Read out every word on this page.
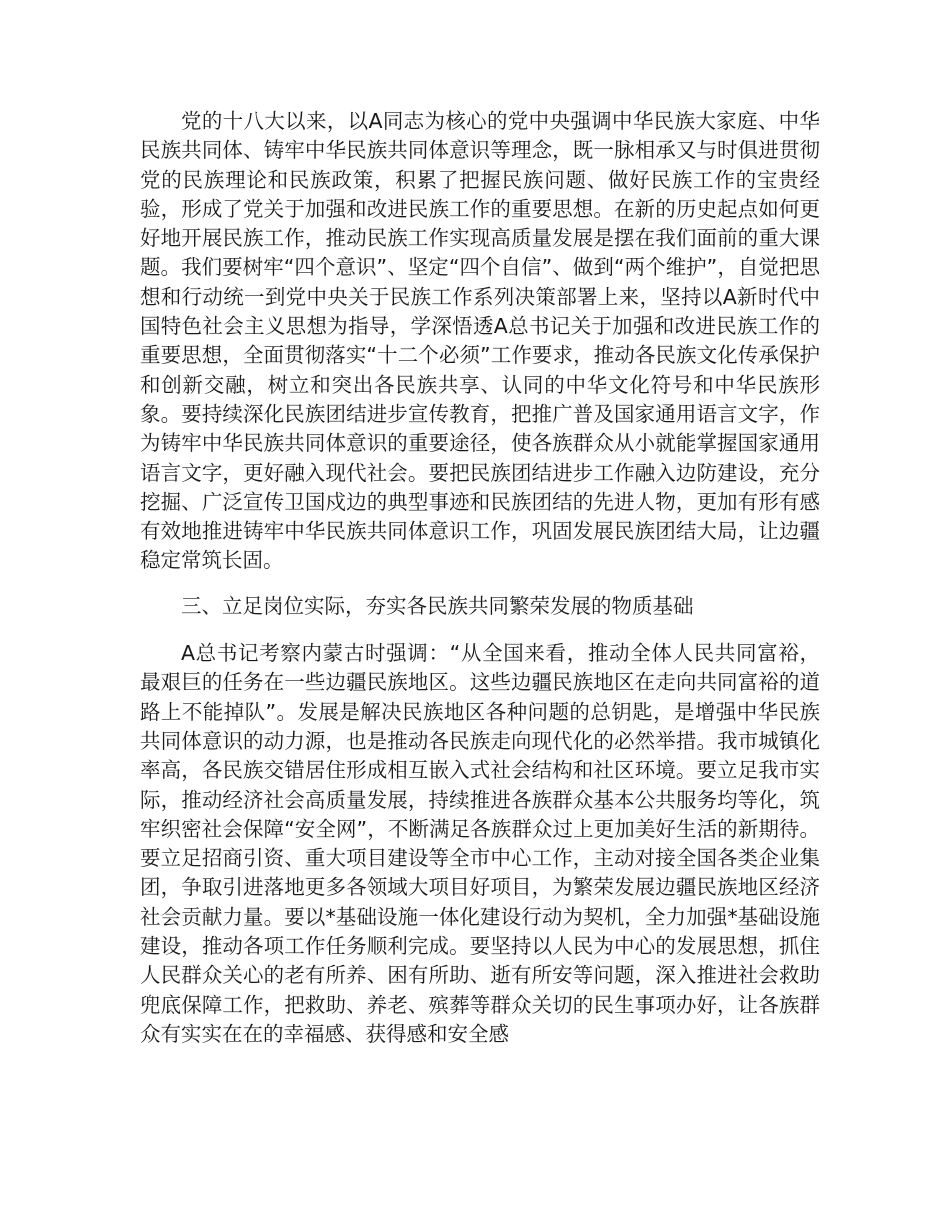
党的十八大以来，以A同志为核心的党中央强调中华民族大家庭、中华民族共同体、铸牢中华民族共同体意识等理念，既一脉相承又与时俱进贯彻党的民族理论和民族政策，积累了把握民族问题、做好民族工作的宝贵经验，形成了党关于加强和改进民族工作的重要思想。在新的历史起点如何更好地开展民族工作，推动民族工作实现高质量发展是摆在我们面前的重大课题。我们要树牢“四个意识”、坚定“四个自信”、做到“两个维护”，自觉把思想和行动统一到党中央关于民族工作系列决策部署上来，坚持以A新时代中国特色社会主义思想为指导，学深悟透A总书记关于加强和改进民族工作的重要思想，全面贯彻落实“十二个必须”工作要求，推动各民族文化传承保护和创新交融，树立和突出各民族共享、认同的中华文化符号和中华民族形象。要持续深化民族团结进步宣传教育，把推广普及国家通用语言文字，作为铸牢中华民族共同体意识的重要途径，使各族群众从小就能掌握国家通用语言文字，更好融入现代社会。要把民族团结进步工作融入边防建设，充分挖掘、广泛宣传卫国戍边的典型事迹和民族团结的先进人物，更加有形有感有效地推进铸牢中华民族共同体意识工作，巩固发展民族团结大局，让边疆稳定常筑长固。

三、立足岗位实际，夯实各民族共同繁荣发展的物质基础

A总书记考察内蒙古时强调：“从全国来看，推动全体人民共同富裕，最艰巨的任务在一些边疆民族地区。这些边疆民族地区在走向共同富裕的道路上不能掉队”。发展是解决民族地区各种问题的总钥匙，是增强中华民族共同体意识的动力源，也是推动各民族走向现代化的必然举措。我市城镇化率高，各民族交错居住形成相互嵌入式社会结构和社区环境。要立足我市实际，推动经济社会高质量发展，持续推进各族群众基本公共服务均等化，筑牢织密社会保障“安全网”，不断满足各族群众过上更加美好生活的新期待。要立足招商引资、重大项目建设等全市中心工作，主动对接全国各类企业集团，争取引进落地更多各领域大项目好项目，为繁荣发展边疆民族地区经济社会贡献力量。要以*基础设施一体化建设行动为契机，全力加强*基础设施建设，推动各项工作任务顺利完成。要坚持以人民为中心的发展思想，抓住人民群众关心的老有所养、困有所助、逝有所安等问题，深入推进社会救助兜底保障工作，把救助、养老、殡葬等群众关切的民生事项办好，让各族群众有实实在在的幸福感、获得感和安全感
